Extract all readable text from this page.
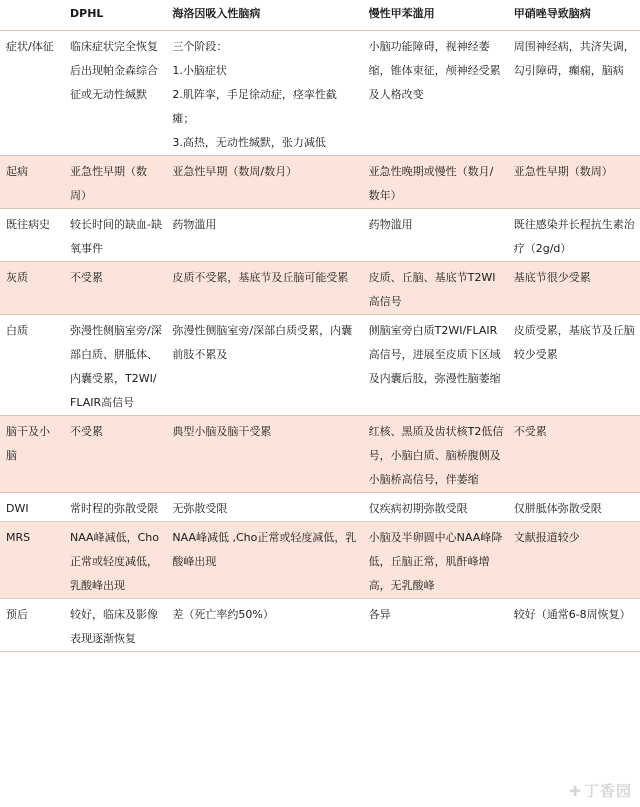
	DPHL	海洛因吸入性脑病	慢性甲苯滥用	甲硝唑导致脑病
症状/体征	临床症状完全恢复后出现帕金森综合征或无动性缄默	三个阶段：
1.小脑症状
2.肌阵挛，手足徐动症，痉挛性截瘫；
3.高热，无动性缄默，张力减低	小脑功能障碍，视神经萎缩，锥体束征，颅神经受累及人格改变	周围神经病，共济失调，勾引障碍，癫痫，脑病
起病	亚急性早期（数周）	亚急性早期（数周/数月）	亚急性晚期或慢性（数月/数年）	亚急性早期（数周）
既往病史	较长时间的缺血-缺氧事件	药物滥用	药物滥用	既往感染并长程抗生素治疗（2g/d）
灰质	不受累	皮质不受累，基底节及丘脑可能受累	皮质、丘脑、基底节T2WI高信号	基底节很少受累
白质	弥漫性侧脑室旁/深部白质、胼胝体、内囊受累，T2WI/FLAIR高信号	弥漫性侧脑室旁/深部白质受累，内囊前肢不累及	侧脑室旁白质T2WI/FLAIR高信号，进展至皮质下区域及内囊后肢，弥漫性脑萎缩	皮质受累，基底节及丘脑较少受累
脑干及小脑	不受累	典型小脑及脑干受累	红核、黑质及齿状核T2低信号，小脑白质、脑桥腹侧及小脑桥高信号，伴萎缩	不受累
DWI	常时程的弥散受限	无弥散受限	仅疾病初期弥散受限	仅胼胝体弥散受限
MRS	NAA峰减低，Cho正常或轻度减低，乳酸峰出现	NAA峰减低 ,Cho正常或轻度减低，乳酸峰出现	小脑及半卵圆中心NAA峰降低，丘脑正常，肌酐峰增高，无乳酸峰	文献报道较少
预后	较好，临床及影像表现逐渐恢复	差（死亡率约50%）	各异	较好（通常6-8周恢复）
✚ 丁香园
